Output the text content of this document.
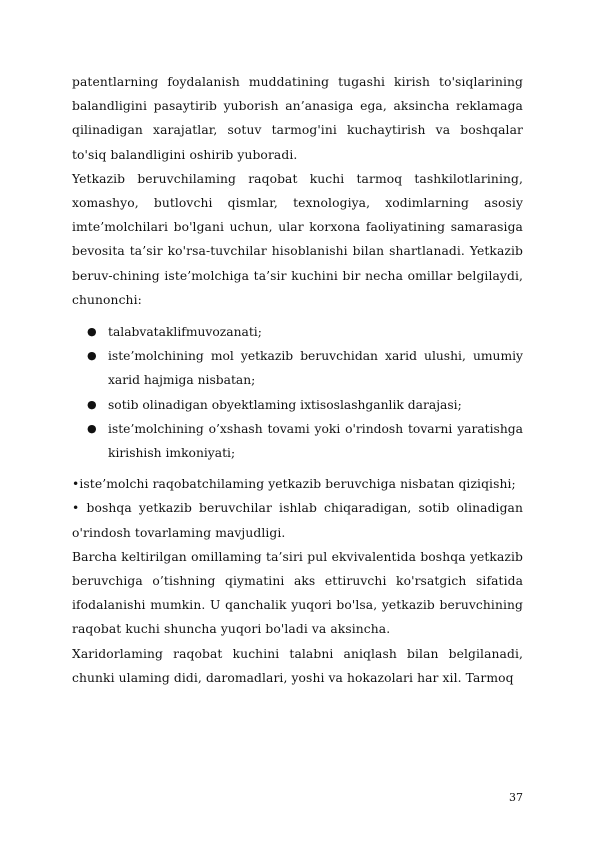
patentlarning foydalanish muddatining tugashi kirish to'siqlarining balandligini pasaytirib yuborish an’anasiga ega, aksincha reklamaga qilinadigan xarajatlar, sotuv tarmog'ini kuchaytirish va boshqalar to'siq balandligini oshirib yuboradi.

Yetkazib beruvchilaming raqobat kuchi tarmoq tashkilotlarining, xomashyo, butlovchi qismlar, texnologiya, xodimlarning asosiy imte’molchilari bo'lgani uchun, ular korxona faoliyatining samarasiga bevosita ta’sir ko'rsa-tuvchilar hisoblanishi bilan shartlanadi. Yetkazib beruv-chining iste’molchiga ta’sir kuchini bir necha omillar belgilaydi, chunonchi:

● talabvataklifmuvozanati;
● iste’molchining mol yetkazib beruvchidan xarid ulushi, umumiy xarid hajmiga nisbatan;
● sotib olinadigan obyektlaming ixtisoslashganlik darajasi;
● iste’molchining o’xshash tovami yoki o'rindosh tovarni yaratishga kirishish imkoniyati;

•iste’molchi raqobatchilaming yetkazib beruvchiga nisbatan qiziqishi;

• boshqa yetkazib beruvchilar ishlab chiqaradigan, sotib olinadigan o'rindosh tovarlaming mavjudligi.

Barcha keltirilgan omillaming ta’siri pul ekvivalentida boshqa yetkazib beruvchiga o’tishning qiymatini aks ettiruvchi ko'rsatgich sifatida ifodalanishi mumkin. U qanchalik yuqori bo'lsa, yetkazib beruvchining raqobat kuchi shuncha yuqori bo'ladi va aksincha.

Xaridorlaming raqobat kuchini talabni aniqlash bilan belgilanadi, chunki ulaming didi, daromadlari, yoshi va hokazolari har xil. Tarmoq

37
